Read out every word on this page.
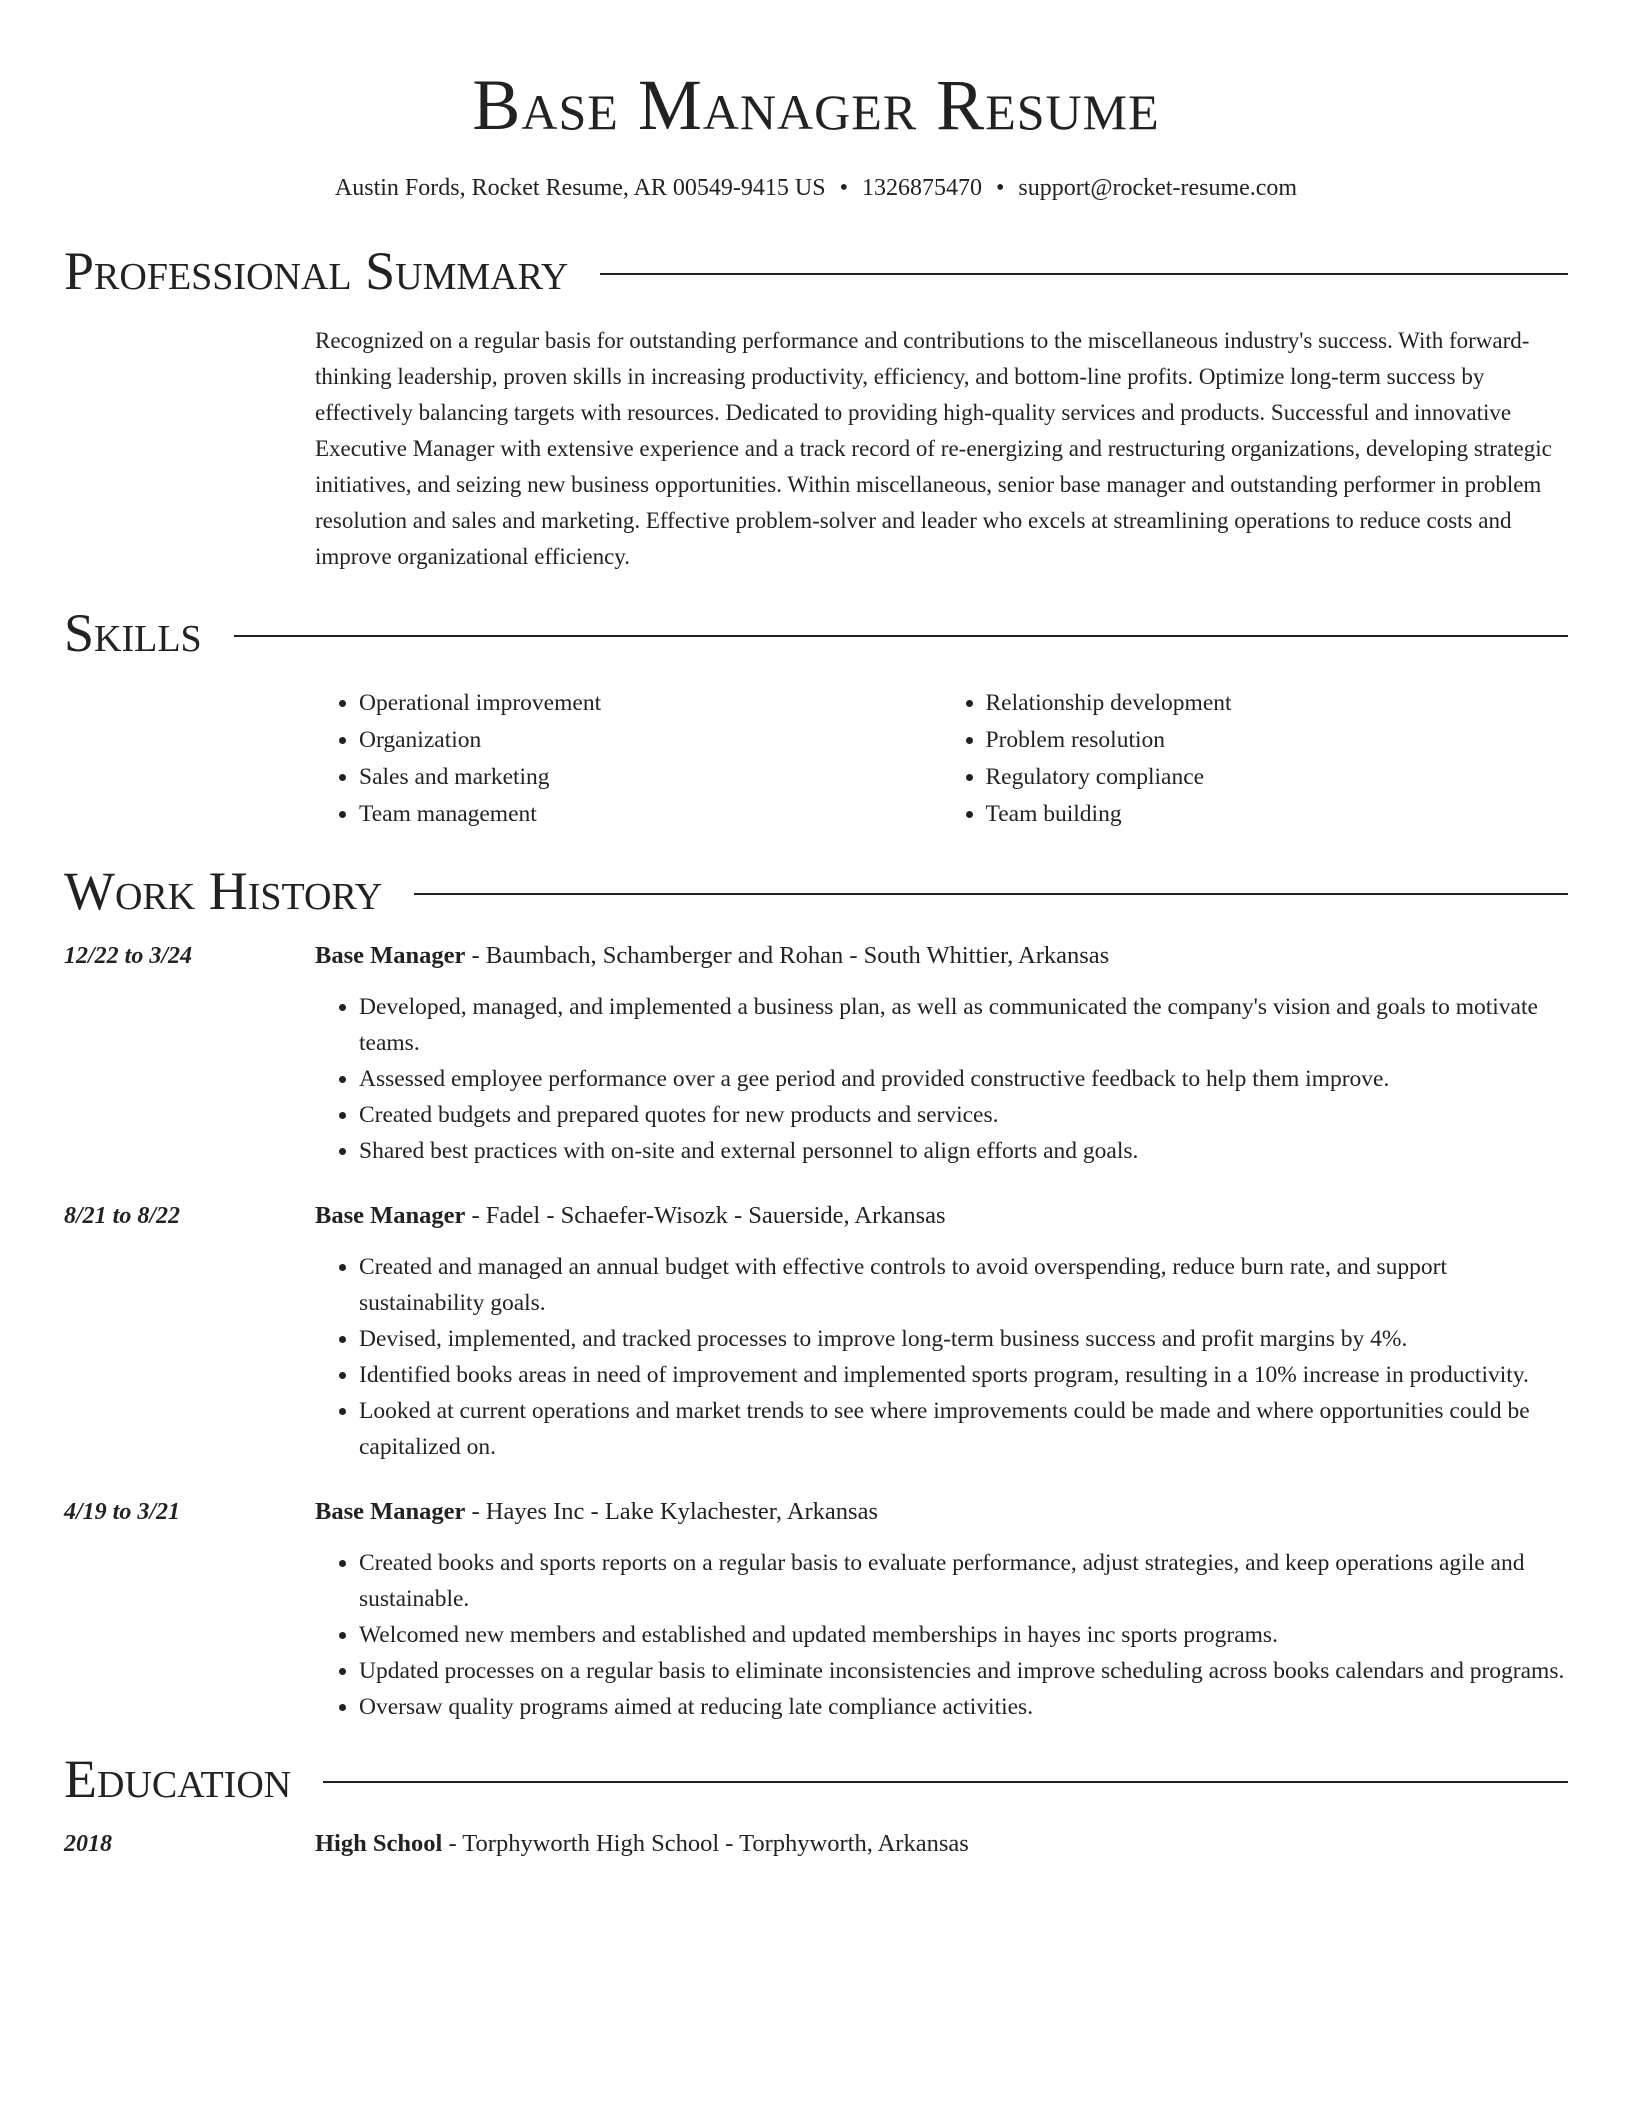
Base Manager Resume
Austin Fords, Rocket Resume, AR 00549-9415 US • 1326875470 • support@rocket-resume.com
Professional Summary

Recognized on a regular basis for outstanding performance and contributions to the miscellaneous industry's success. With forward-thinking leadership, proven skills in increasing productivity, efficiency, and bottom-line profits. Optimize long-term success by effectively balancing targets with resources. Dedicated to providing high-quality services and products. Successful and innovative Executive Manager with extensive experience and a track record of re-energizing and restructuring organizations, developing strategic initiatives, and seizing new business opportunities. Within miscellaneous, senior base manager and outstanding performer in problem resolution and sales and marketing. Effective problem-solver and leader who excels at streamlining operations to reduce costs and improve organizational efficiency.

Skills
• Operational improvement
• Organization
• Sales and marketing
• Team management
• Relationship development
• Problem resolution
• Regulatory compliance
• Team building
Work History
12/22 to 3/24	Base Manager - Baumbach, Schamberger and Rohan - South Whittier, Arkansas
• Developed, managed, and implemented a business plan, as well as communicated the company's vision and goals to motivate teams.
• Assessed employee performance over a gee period and provided constructive feedback to help them improve.
• Created budgets and prepared quotes for new products and services.
• Shared best practices with on-site and external personnel to align efforts and goals.
8/21 to 8/22	Base Manager - Fadel - Schaefer-Wisozk - Sauerside, Arkansas
• Created and managed an annual budget with effective controls to avoid overspending, reduce burn rate, and support sustainability goals.
• Devised, implemented, and tracked processes to improve long-term business success and profit margins by 4%.
• Identified books areas in need of improvement and implemented sports program, resulting in a 10% increase in productivity.
• Looked at current operations and market trends to see where improvements could be made and where opportunities could be capitalized on.
4/19 to 3/21	Base Manager - Hayes Inc - Lake Kylachester, Arkansas
• Created books and sports reports on a regular basis to evaluate performance, adjust strategies, and keep operations agile and sustainable.
• Welcomed new members and established and updated memberships in hayes inc sports programs.
• Updated processes on a regular basis to eliminate inconsistencies and improve scheduling across books calendars and programs.
• Oversaw quality programs aimed at reducing late compliance activities.
Education
2018	High School - Torphyworth High School - Torphyworth, Arkansas
